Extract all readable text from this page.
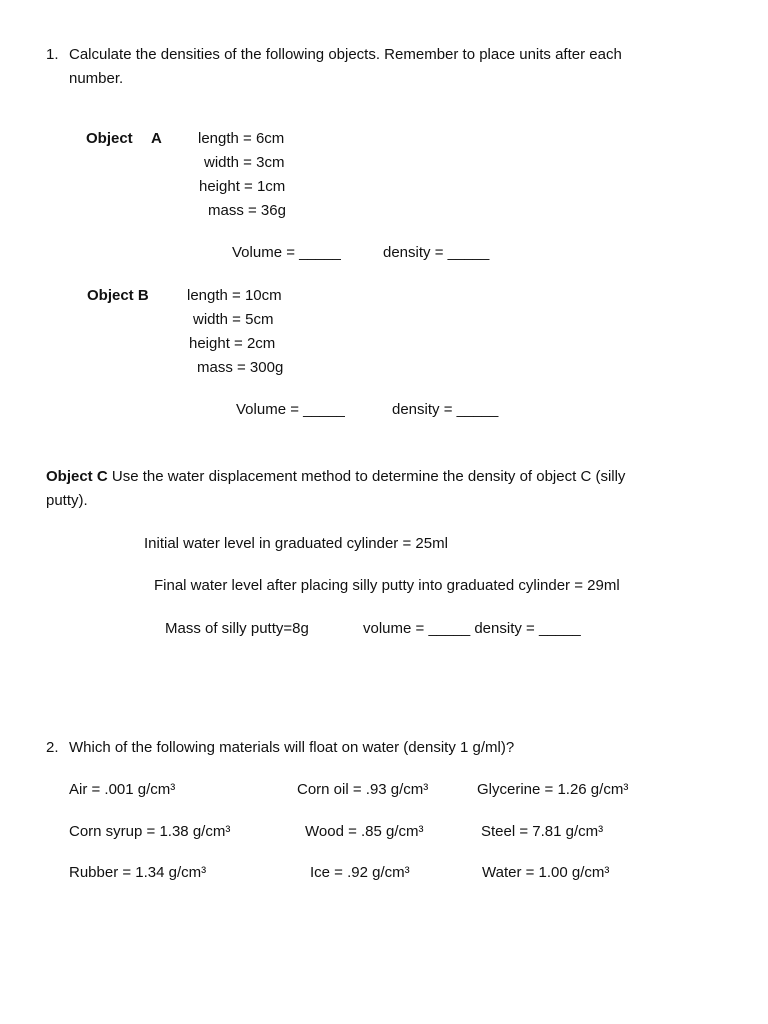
1. Calculate the densities of the following objects. Remember to place units after each
number.
Object A length = 6cm
width = 3cm
height = 1cm
mass = 36g
Volume = _____	density = _____
Object B	length = 10cm
width = 5cm
height = 2cm
mass = 300g
Volume = _____	density = _____
Object C Use the water displacement method to determine the density of object C (silly
putty).
Initial water level in graduated cylinder = 25ml
Final water level after placing silly putty into graduated cylinder = 29ml
Mass of silly putty=8g	volume = _____ density = _____
2. Which of the following materials will float on water (density 1 g/ml)?
Air = .001 g/cm³	Corn oil = .93 g/cm³	Glycerine = 1.26 g/cm³
Corn syrup = 1.38 g/cm³	Wood = .85 g/cm³	Steel = 7.81 g/cm³
Rubber = 1.34 g/cm³	Ice = .92 g/cm³	Water = 1.00 g/cm³
